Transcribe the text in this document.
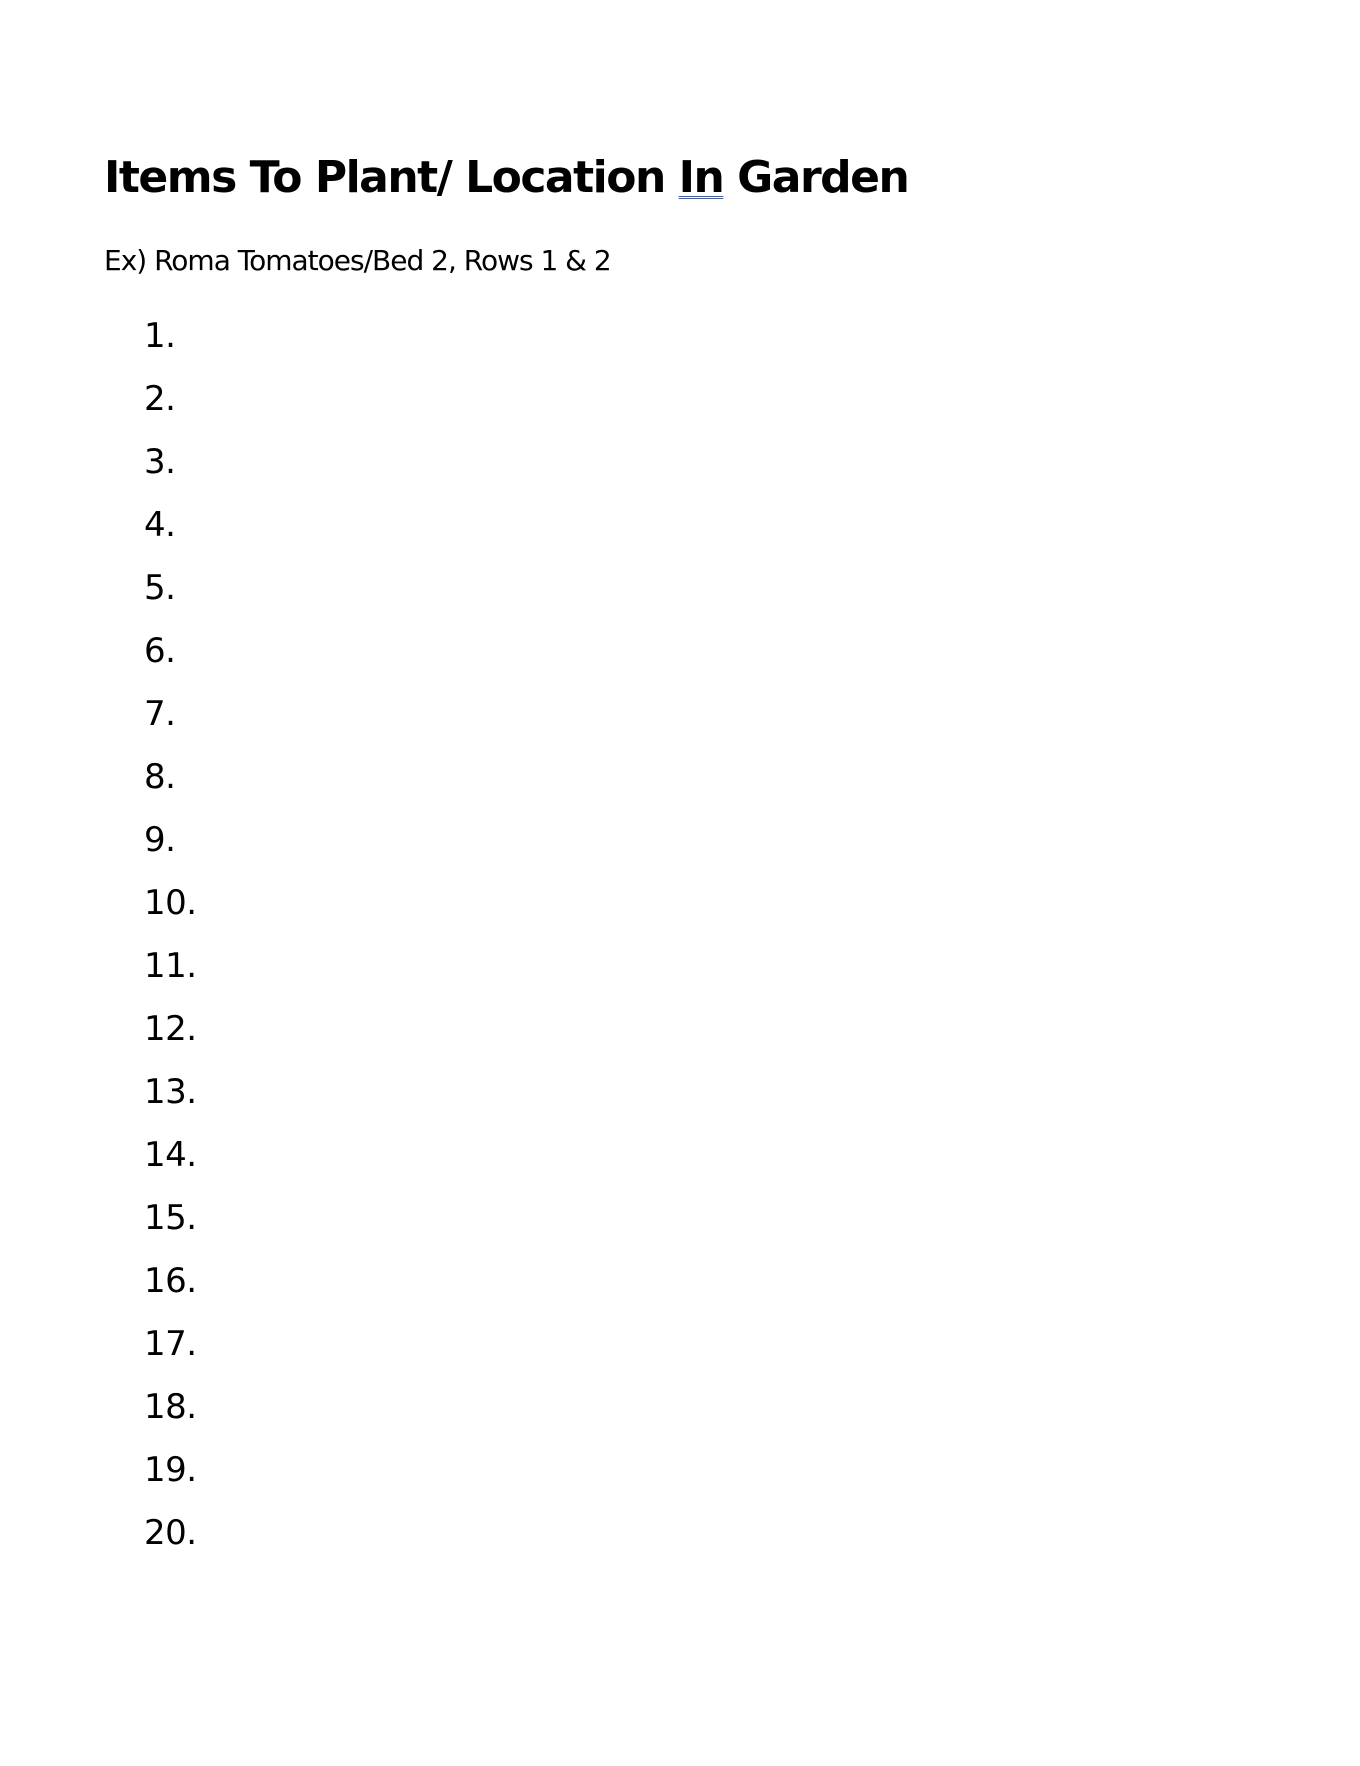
Items To Plant/ Location In Garden
Ex) Roma Tomatoes/Bed 2, Rows 1 & 2
1.
2.
3.
4.
5.
6.
7.
8.
9.
10.
11.
12.
13.
14.
15.
16.
17.
18.
19.
20.
